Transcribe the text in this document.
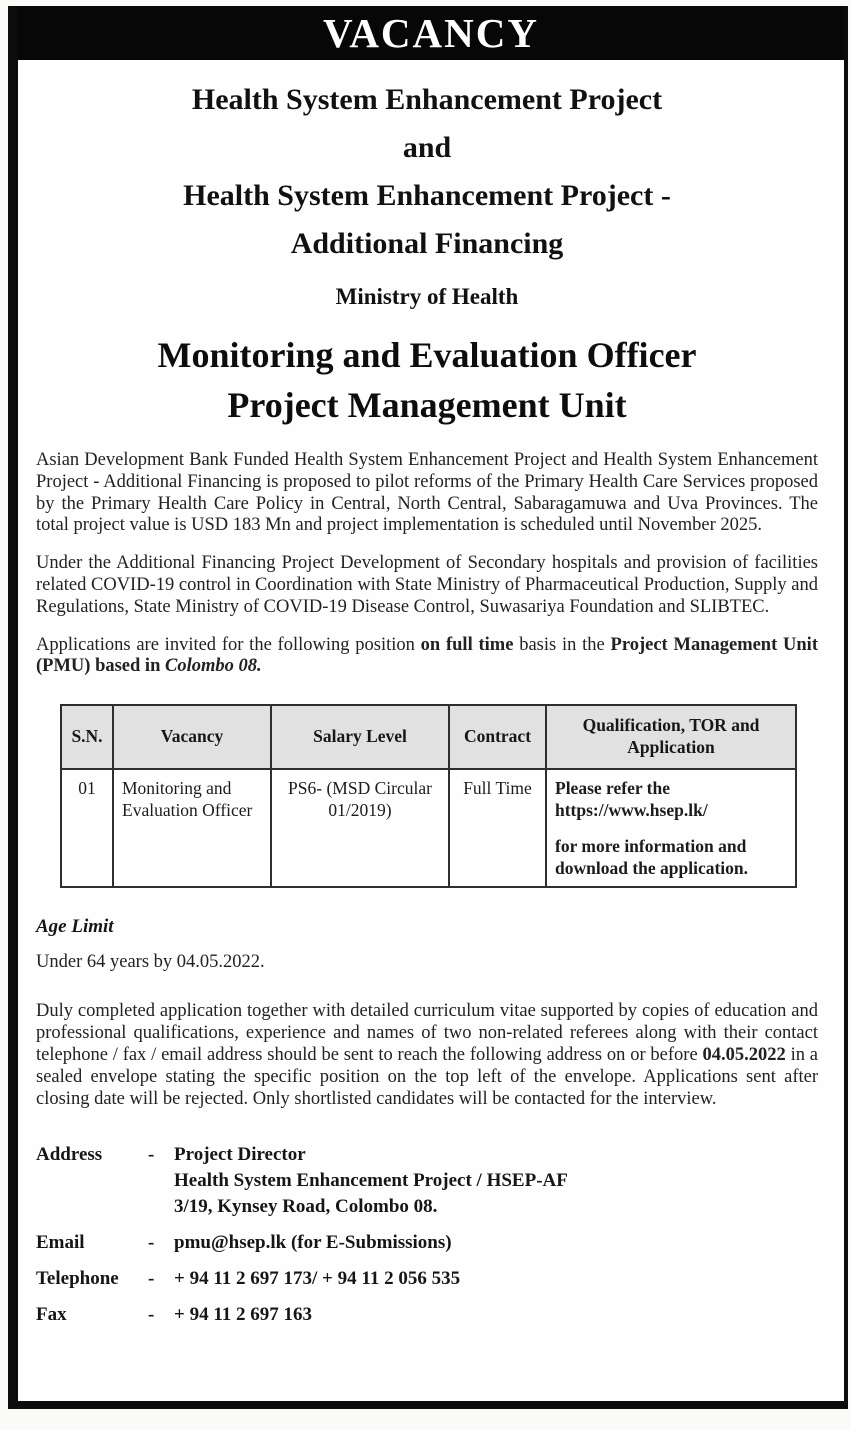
VACANCY
Health System Enhancement Project
and
Health System Enhancement Project -
Additional Financing
Ministry of Health
Monitoring and Evaluation Officer
Project Management Unit

Asian Development Bank Funded Health System Enhancement Project and Health System Enhancement Project - Additional Financing is proposed to pilot reforms of the Primary Health Care Services proposed by the Primary Health Care Policy in Central, North Central, Sabaragamuwa and Uva Provinces. The total project value is USD 183 Mn and project implementation is scheduled until November 2025.

Under the Additional Financing Project Development of Secondary hospitals and provision of facilities related COVID-19 control in Coordination with State Ministry of Pharmaceutical Production, Supply and Regulations, State Ministry of COVID-19 Disease Control, Suwasariya Foundation and SLIBTEC.

Applications are invited for the following position on full time basis in the Project Management Unit (PMU) based in Colombo 08.

S.N.	Vacancy	Salary Level	Contract	Qualification, TOR and Application
01	Monitoring and Evaluation Officer	PS6- (MSD Circular 01/2019)	Full Time	Please refer the https://www.hsep.lk/

for more information and download the application.

Age Limit
Under 64 years by 04.05.2022.

Duly completed application together with detailed curriculum vitae supported by copies of education and professional qualifications, experience and names of two non-related referees along with their contact telephone / fax / email address should be sent to reach the following address on or before 04.05.2022 in a sealed envelope stating the specific position on the top left of the envelope. Applications sent after closing date will be rejected. Only shortlisted candidates will be contacted for the interview.

Address	-	Project Director
Health System Enhancement Project / HSEP-AF
3/19, Kynsey Road, Colombo 08.
Email	-	pmu@hsep.lk (for E-Submissions)
Telephone	-	+ 94 11 2 697 173/ + 94 11 2 056 535
Fax	-	+ 94 11 2 697 163
